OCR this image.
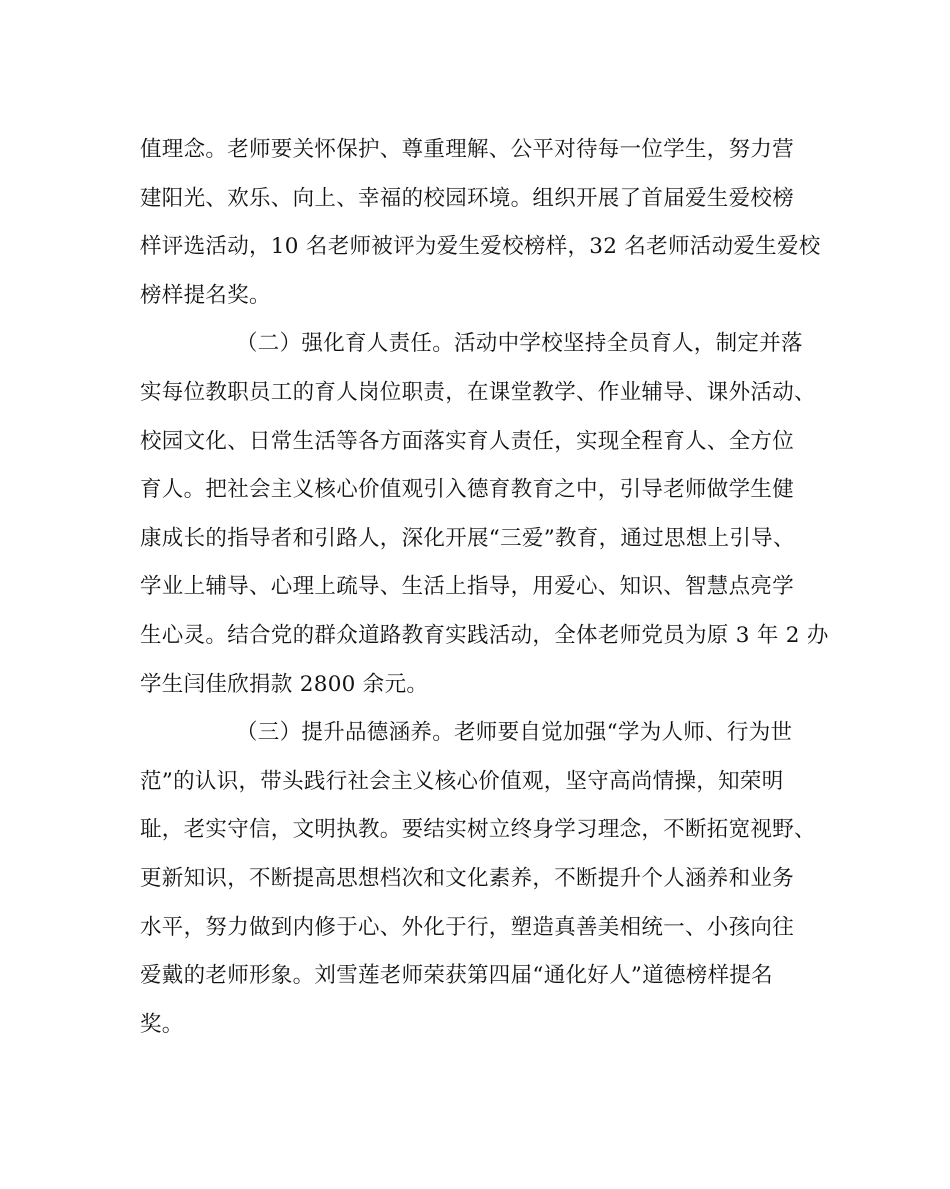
值理念。老师要关怀保护、尊重理解、公平对待每一位学生，努力营
建阳光、欢乐、向上、幸福的校园环境。组织开展了首届爱生爱校榜
样评选活动，10 名老师被评为爱生爱校榜样，32 名老师活动爱生爱校
榜样提名奖。

（二）强化育人责任。活动中学校坚持全员育人，制定并落
实每位教职员工的育人岗位职责，在课堂教学、作业辅导、课外活动、
校园文化、日常生活等各方面落实育人责任，实现全程育人、全方位
育人。把社会主义核心价值观引入德育教育之中，引导老师做学生健
康成长的指导者和引路人，深化开展“三爱”教育，通过思想上引导、
学业上辅导、心理上疏导、生活上指导，用爱心、知识、智慧点亮学
生心灵。结合党的群众道路教育实践活动，全体老师党员为原 3 年 2 办
学生闫佳欣捐款 2800 余元。

（三）提升品德涵养。老师要自觉加强“学为人师、行为世
范”的认识，带头践行社会主义核心价值观，坚守高尚情操，知荣明
耻，老实守信，文明执教。要结实树立终身学习理念，不断拓宽视野、
更新知识，不断提高思想档次和文化素养，不断提升个人涵养和业务
水平，努力做到内修于心、外化于行，塑造真善美相统一、小孩向往
爱戴的老师形象。刘雪莲老师荣获第四届“通化好人”道德榜样提名
奖。
